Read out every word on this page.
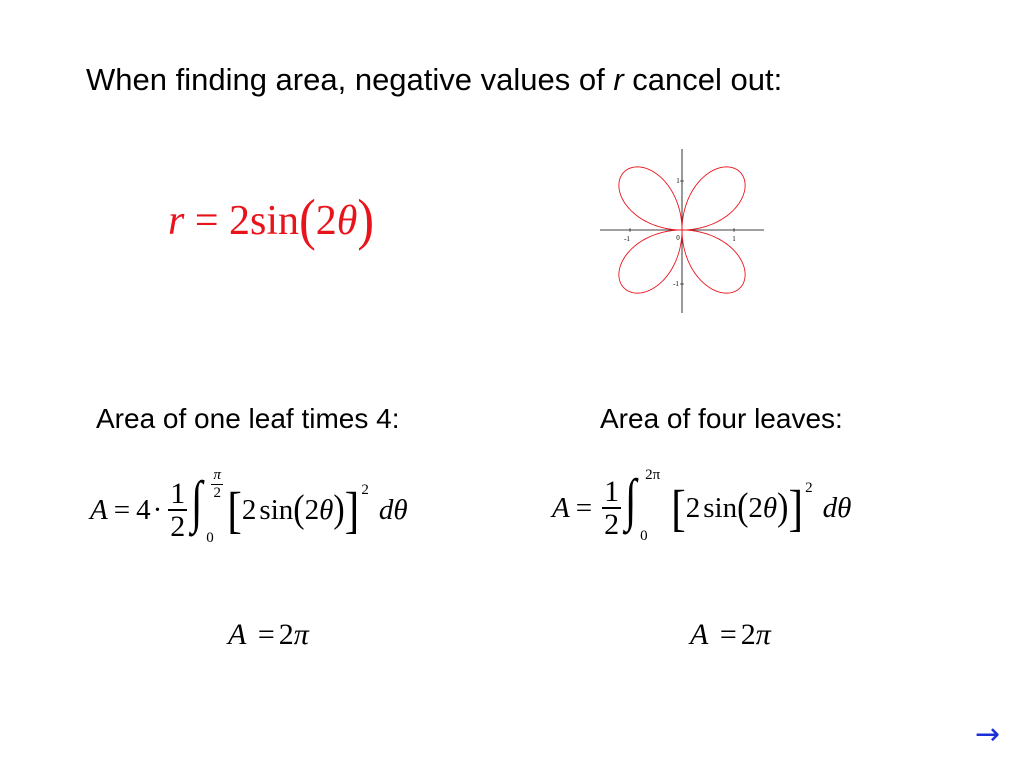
When finding area, negative values of r cancel out:
r = 2sin(2θ)	-1	0	1
1
-1
Area of one leaf times 4:	Area of four leaves:
$A = 4 \cdot \frac{1}{2}$ ∫ π
2
0 [ 2 sin ( 2 θ ) ] 2
d θ	$A = \frac{1}{2}$ ∫ 2π
0 [ 2 sin ( 2 θ ) ] 2
d θ
A = 2π	A = 2π
→
